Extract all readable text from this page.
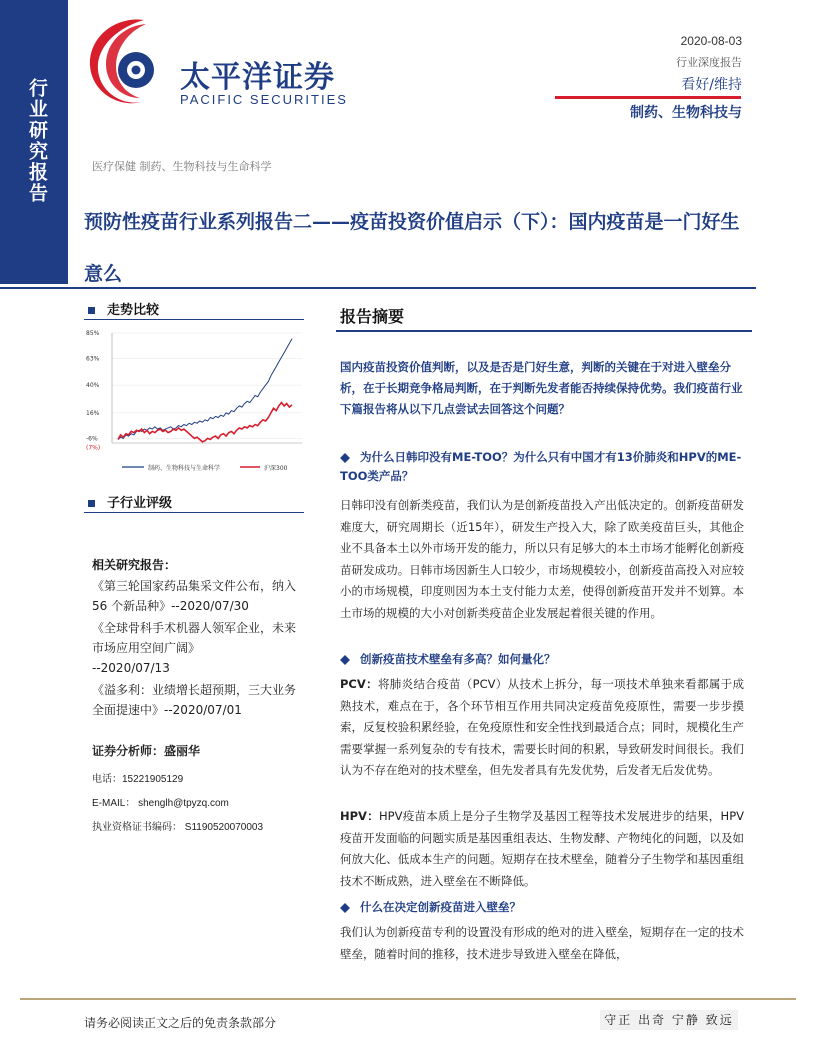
行业研究报告
太平洋证券
PACIFIC SECURITIES
2020-08-03
行业深度报告
看好/维持
制药、生物科技与
医疗保健 制药、生物科技与生命科学
预防性疫苗行业系列报告二——疫苗投资价值启示（下）：国内疫苗是一门好生意么
走势比较
85%
63%
40%
16%
-6%
(7%)
制药、生物科技与生命科学	沪深300
子行业评级
相关研究报告：
《第三轮国家药品集采文件公布，纳入 56 个新品种》--2020/07/30
《全球骨科手术机器人领军企业，未来市场应用空间广阔》
--2020/07/13
《溢多利：业绩增长超预期，三大业务全面提速中》--2020/07/01
证券分析师：盛丽华
电话：15221905129
E-MAIL： shenglh@tpyzq.com
执业资格证书编码： S1190520070003
报告摘要
国内疫苗投资价值判断，以及是否是门好生意，判断的关键在于对进入壁垒分析，在于长期竞争格局判断，在于判断先发者能否持续保持优势。我们疫苗行业下篇报告将从以下几点尝试去回答这个问题？
为什么日韩印没有ME-TOO？为什么只有中国才有13价肺炎和HPV的ME-TOO类产品？
日韩印没有创新类疫苗，我们认为是创新疫苗投入产出低决定的。创新疫苗研发难度大，研究周期长（近15年），研发生产投入大，除了欧美疫苗巨头，其他企业不具备本土以外市场开发的能力，所以只有足够大的本土市场才能孵化创新疫苗研发成功。日韩市场因新生人口较少，市场规模较小，创新疫苗高投入对应较小的市场规模，印度则因为本土支付能力太差，使得创新疫苗开发并不划算。本土市场的规模的大小对创新类疫苗企业发展起着很关键的作用。
创新疫苗技术壁垒有多高？如何量化？
PCV：将肺炎结合疫苗（PCV）从技术上拆分，每一项技术单独来看都属于成熟技术，难点在于，各个环节相互作用共同决定疫苗免疫原性，需要一步步摸索，反复校验积累经验，在免疫原性和安全性找到最适合点；同时，规模化生产需要掌握一系列复杂的专有技术，需要长时间的积累，导致研发时间很长。我们认为不存在绝对的技术壁垒，但先发者具有先发优势，后发者无后发优势。
HPV：HPV疫苗本质上是分子生物学及基因工程等技术发展进步的结果，HPV疫苗开发面临的问题实质是基因重组表达、生物发酵、产物纯化的问题，以及如何放大化、低成本生产的问题。短期存在技术壁垒，随着分子生物学和基因重组技术不断成熟，进入壁垒在不断降低。
什么在决定创新疫苗进入壁垒？
我们认为创新疫苗专利的设置没有形成的绝对的进入壁垒，短期存在一定的技术壁垒，随着时间的推移，技术进步导致进入壁垒在降低，
请务必阅读正文之后的免责条款部分	守正 出奇 宁静 致远
